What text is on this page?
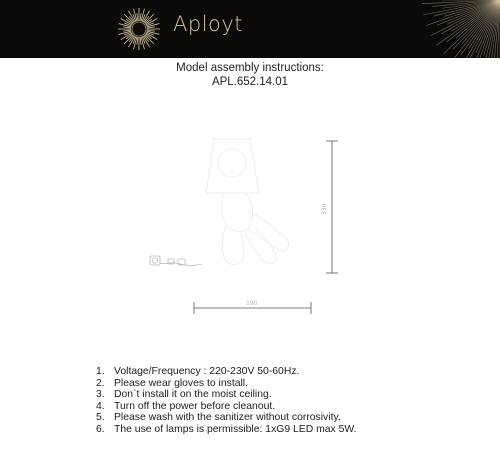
Aployt
Model assembly instructions:
APL.652.14.01
330
190
1. Voltage/Frequency : 220-230V 50-60Hz.
2. Please wear gloves to install.
3. Don`t install it on the moist ceiling.
4. Turn off the power before cleanout.
5. Please wash with the sanitizer without corrosivity.
6. The use of lamps is permissible: 1xG9 LED max 5W.
